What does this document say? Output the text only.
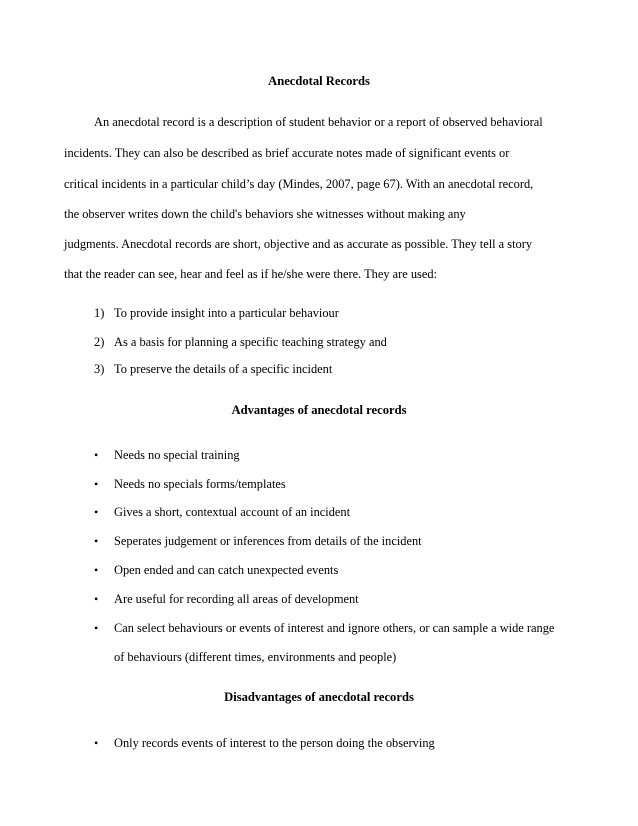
Anecdotal Records
An anecdotal record is a description of student behavior or a report of observed behavioral
incidents. They can also be described as brief accurate notes made of significant events or
critical incidents in a particular child’s day (Mindes, 2007, page 67). With an anecdotal record,
the observer writes down the child's behaviors she witnesses without making any
judgments. Anecdotal records are short, objective and as accurate as possible. They tell a story
that the reader can see, hear and feel as if he/she were there. They are used:
1) To provide insight into a particular behaviour
2) As a basis for planning a specific teaching strategy and
3) To preserve the details of a specific incident
Advantages of anecdotal records
•	Needs no special training
•	Needs no specials forms/templates
•	Gives a short, contextual account of an incident
•	Seperates judgement or inferences from details of the incident
•	Open ended and can catch unexpected events
•	Are useful for recording all areas of development
•	Can select behaviours or events of interest and ignore others, or can sample a wide range
of behaviours (different times, environments and people)
Disadvantages of anecdotal records
•	Only records events of interest to the person doing the observing
